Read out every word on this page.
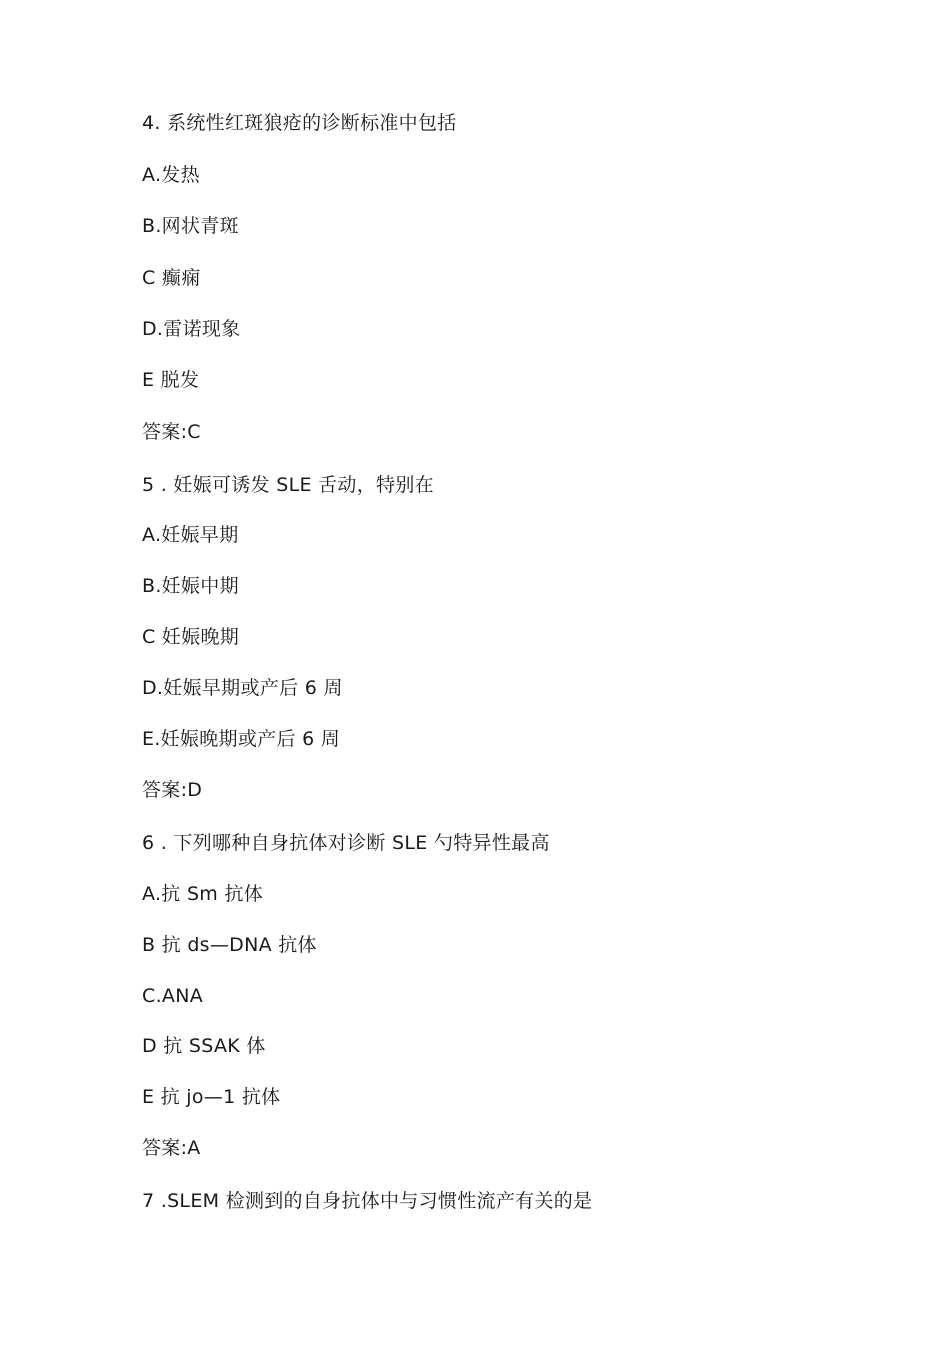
4. 系统性红斑狼疮的诊断标准中包括
A.发热
B.网状青斑
C 癫痫
D.雷诺现象
E 脱发
答案:C
5 . 妊娠可诱发 SLE 舌动，特别在
A.妊娠早期
B.妊娠中期
C 妊娠晚期
D.妊娠早期或产后 6 周
E.妊娠晚期或产后 6 周
答案:D
6 . 下列哪种自身抗体对诊断 SLE 勺特异性最高
A.抗 Sm 抗体
B 抗 ds—DNA 抗体
C.ANA
D 抗 SSAK 体
E 抗 jo—1 抗体
答案:A
7 .SLEM 检测到的自身抗体中与习惯性流产有关的是
